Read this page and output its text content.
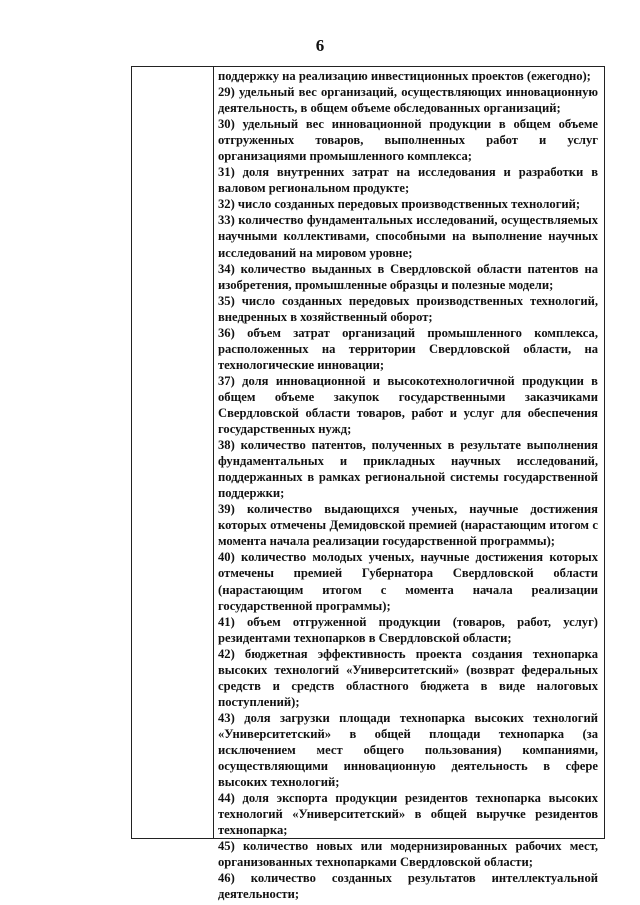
6
поддержку на реализацию инвестиционных проектов (ежегодно);
29) удельный вес организаций, осуществляющих инновационную деятельность, в общем объеме обследованных организаций;
30) удельный вес инновационной продукции в общем объеме отгруженных товаров, выполненных работ и услуг организациями промышленного комплекса;
31) доля внутренних затрат на исследования и разработки в валовом региональном продукте;
32) число созданных передовых производственных технологий;
33) количество фундаментальных исследований, осуществляемых научными коллективами, способными на выполнение научных исследований на мировом уровне;
34) количество выданных в Свердловской области патентов на изобретения, промышленные образцы и полезные модели;
35) число созданных передовых производственных технологий, внедренных в хозяйственный оборот;
36) объем затрат организаций промышленного комплекса, расположенных на территории Свердловской области, на технологические инновации;
37) доля инновационной и высокотехнологичной продукции в общем объеме закупок государственными заказчиками Свердловской области товаров, работ и услуг для обеспечения государственных нужд;
38) количество патентов, полученных в результате выполнения фундаментальных и прикладных научных исследований, поддержанных в рамках региональной системы государственной поддержки;
39) количество выдающихся ученых, научные достижения которых отмечены Демидовской премией (нарастающим итогом с момента начала реализации государственной программы);
40) количество молодых ученых, научные достижения которых отмечены премией Губернатора Свердловской области (нарастающим итогом с момента начала реализации государственной программы);
41) объем отгруженной продукции (товаров, работ, услуг) резидентами технопарков в Свердловской области;
42) бюджетная эффективность проекта создания технопарка высоких технологий «Университетский» (возврат федеральных средств и средств областного бюджета в виде налоговых поступлений);
43) доля загрузки площади технопарка высоких технологий «Университетский» в общей площади технопарка (за исключением мест общего пользования) компаниями, осуществляющими инновационную деятельность в сфере высоких технологий;
44) доля экспорта продукции резидентов технопарка высоких технологий «Университетский» в общей выручке резидентов технопарка;
45) количество новых или модернизированных рабочих мест, организованных технопарками Свердловской области;
46) количество созданных результатов интеллектуальной деятельности;
